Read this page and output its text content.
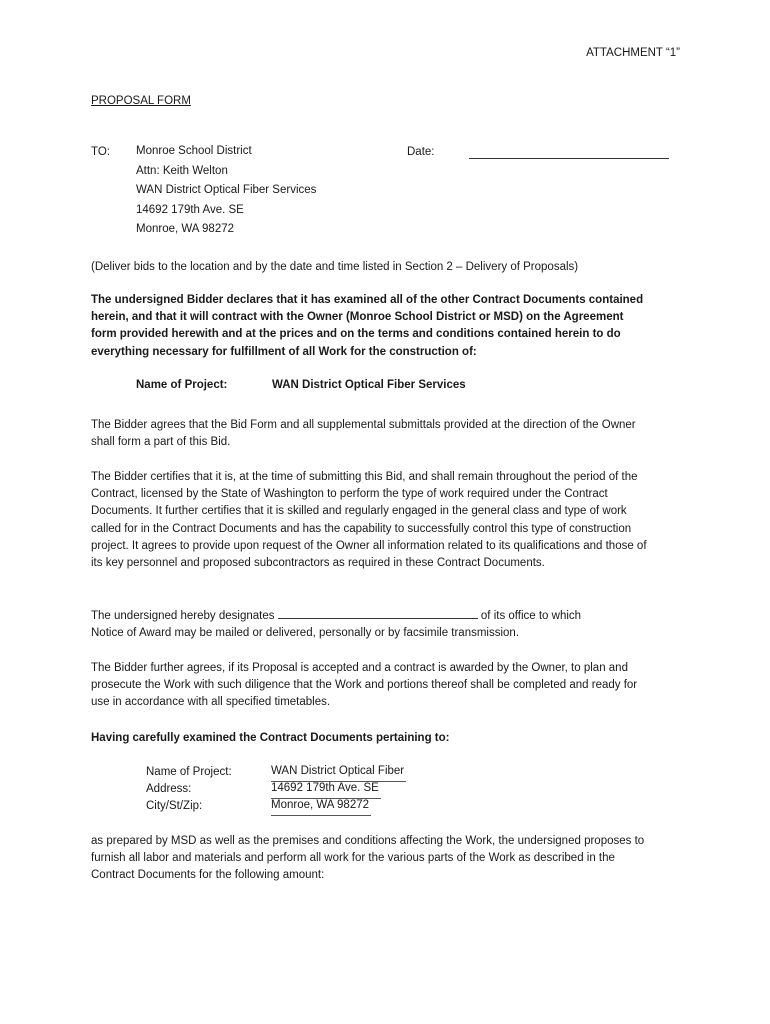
ATTACHMENT “1”
PROPOSAL FORM
TO: Monroe School District
Attn: Keith Welton
WAN District Optical Fiber Services
14692 179th Ave. SE
Monroe, WA 98272
Date:
(Deliver bids to the location and by the date and time listed in Section 2 – Delivery of Proposals)
The undersigned Bidder declares that it has examined all of the other Contract Documents contained herein, and that it will contract with the Owner (Monroe School District or MSD) on the Agreement form provided herewith and at the prices and on the terms and conditions contained herein to do everything necessary for fulfillment of all Work for the construction of:
Name of Project:	WAN District Optical Fiber Services
The Bidder agrees that the Bid Form and all supplemental submittals provided at the direction of the Owner shall form a part of this Bid.
The Bidder certifies that it is, at the time of submitting this Bid, and shall remain throughout the period of the Contract, licensed by the State of Washington to perform the type of work required under the Contract Documents. It further certifies that it is skilled and regularly engaged in the general class and type of work called for in the Contract Documents and has the capability to successfully control this type of construction project. It agrees to provide upon request of the Owner all information related to its qualifications and those of its key personnel and proposed subcontractors as required in these Contract Documents.
The undersigned hereby designates	of its office to which
Notice of Award may be mailed or delivered, personally or by facsimile transmission.
The Bidder further agrees, if its Proposal is accepted and a contract is awarded by the Owner, to plan and prosecute the Work with such diligence that the Work and portions thereof shall be completed and ready for use in accordance with all specified timetables.
Having carefully examined the Contract Documents pertaining to:
Name of Project:	WAN District Optical Fiber
Address:	14692 179th Ave. SE
City/St/Zip:	Monroe, WA 98272
as prepared by MSD as well as the premises and conditions affecting the Work, the undersigned proposes to furnish all labor and materials and perform all work for the various parts of the Work as described in the Contract Documents for the following amount:
